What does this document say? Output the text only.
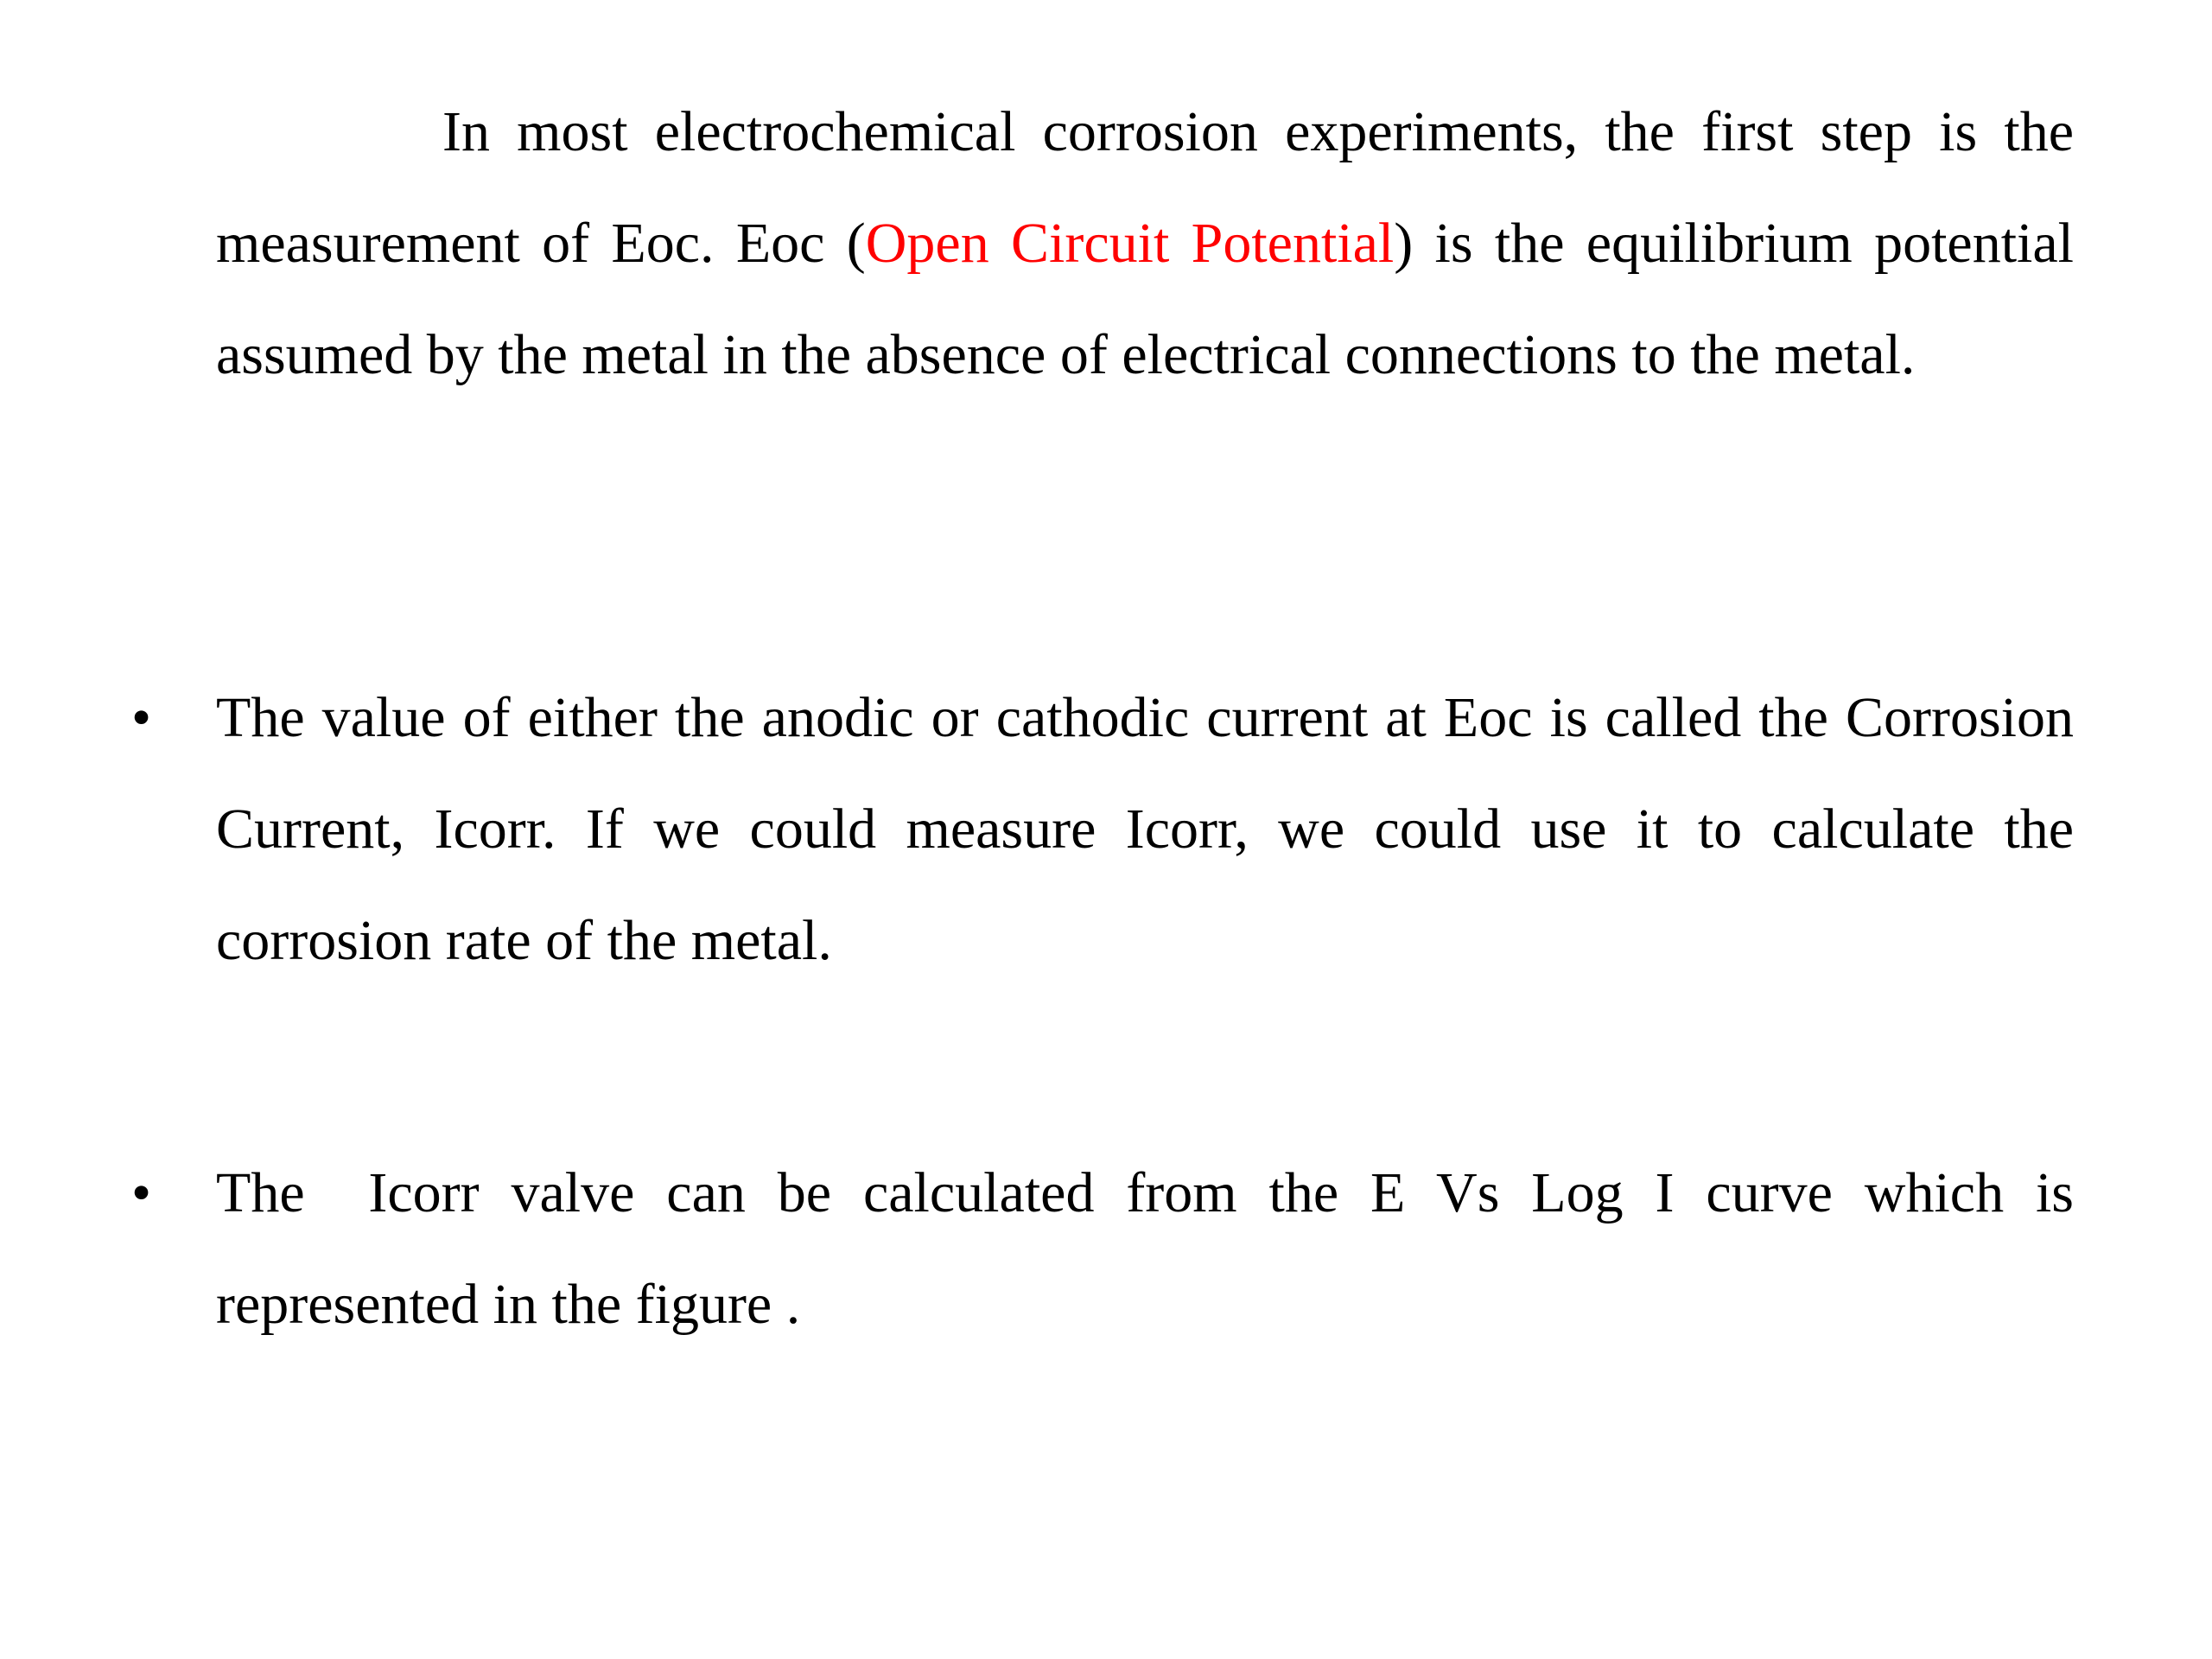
In most electrochemical corrosion experiments, the first step is the measurement of Eoc. Eoc (Open Circuit Potential) is the equilibrium potential assumed by the metal in the absence of electrical connections to the metal.

• The value of either the anodic or cathodic current at Eoc is called the Corrosion Current, Icorr. If we could measure Icorr, we could use it to calculate the corrosion rate of the metal.

• The  Icorr valve can be calculated from the E Vs Log I curve which is represented in the figure .
